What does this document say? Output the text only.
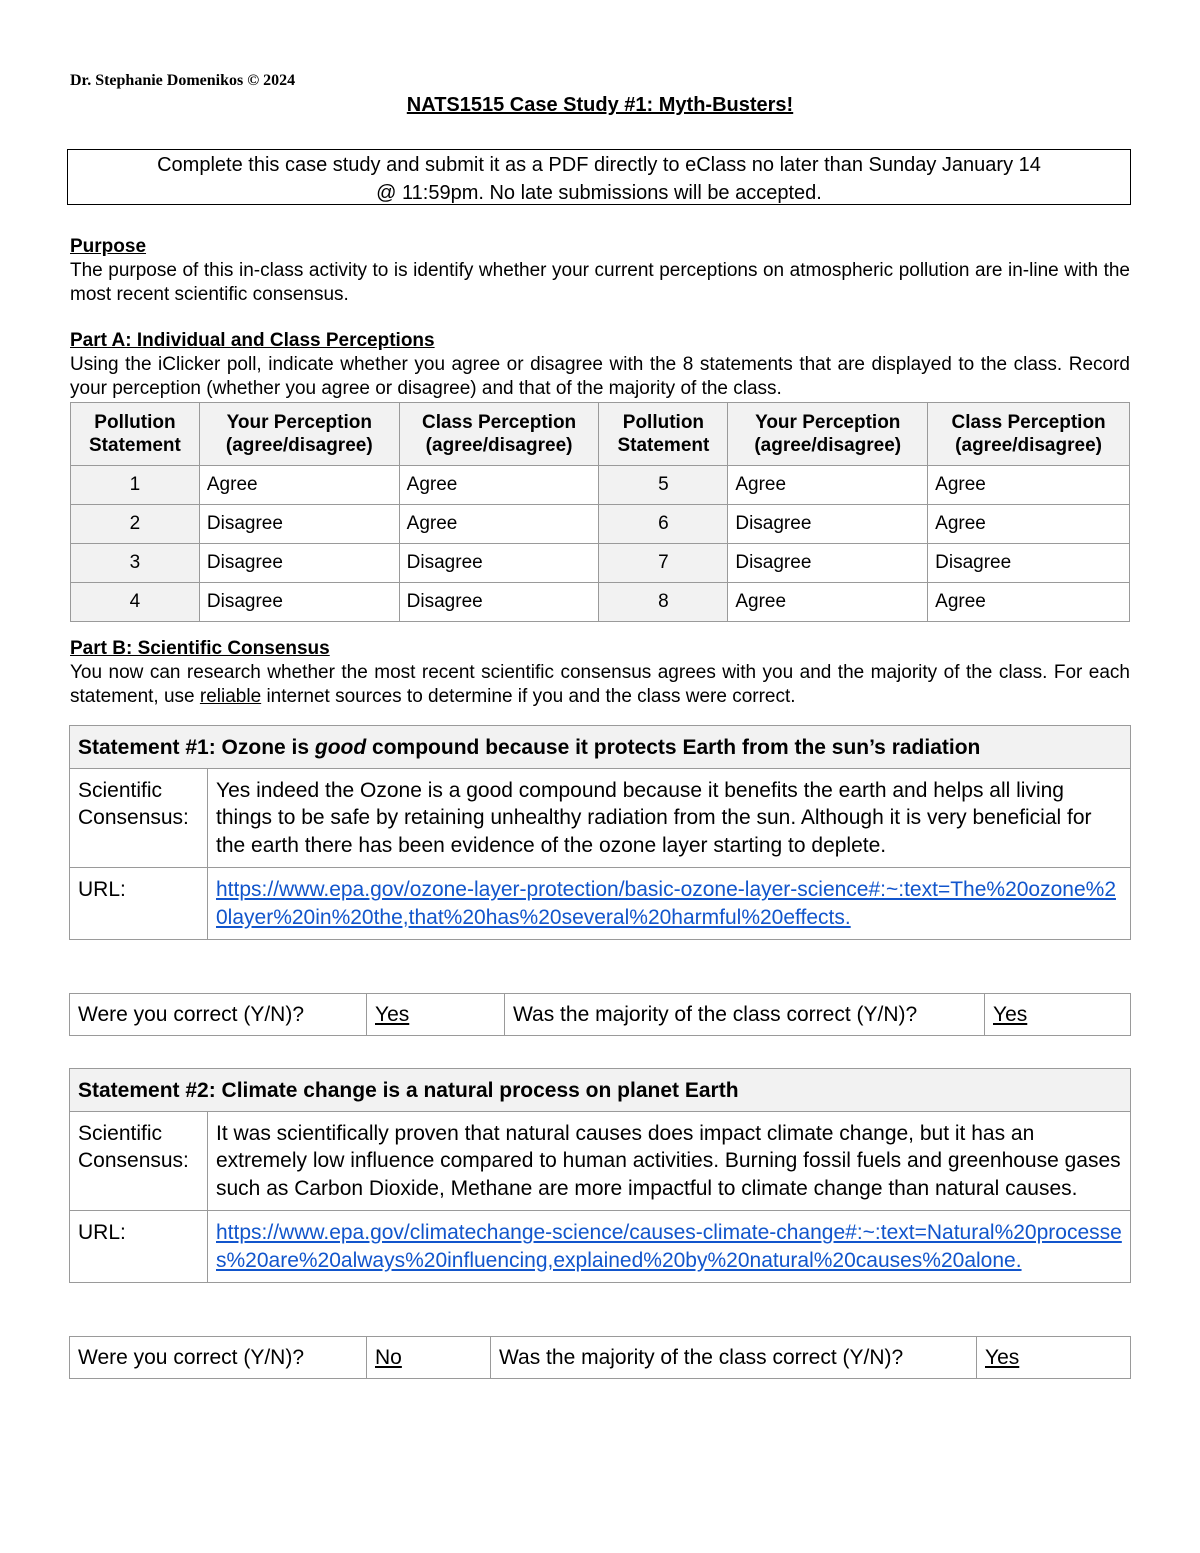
Dr. Stephanie Domenikos © 2024
NATS1515 Case Study #1: Myth-Busters!
Complete this case study and submit it as a PDF directly to eClass no later than Sunday January 14
@ 11:59pm. No late submissions will be accepted.
Purpose
The purpose of this in-class activity to is identify whether your current perceptions on atmospheric pollution are in-line with the most recent scientific consensus.
Part A: Individual and Class Perceptions
Using the iClicker poll, indicate whether you agree or disagree with the 8 statements that are displayed to the class. Record your perception (whether you agree or disagree) and that of the majority of the class.
Pollution Statement	Your Perception (agree/disagree)	Class Perception (agree/disagree)	Pollution Statement	Your Perception (agree/disagree)	Class Perception (agree/disagree)
1	Agree	Agree	5	Agree	Agree
2	Disagree	Agree	6	Disagree	Agree
3	Disagree	Disagree	7	Disagree	Disagree
4	Disagree	Disagree	8	Agree	Agree
Part B: Scientific Consensus
You now can research whether the most recent scientific consensus agrees with you and the majority of the class. For each statement, use reliable internet sources to determine if you and the class were correct.
Statement #1: Ozone is good compound because it protects Earth from the sun’s radiation	
Scientific Consensus:	Yes indeed the Ozone is a good compound because it benefits the earth and helps all living things to be safe by retaining unhealthy radiation from the sun. Although it is very beneficial for the earth there has been evidence of the ozone layer starting to deplete.
URL:	https://www.epa.gov/ozone-layer-protection/basic-ozone-layer-science#:~:text=The%20ozone%20layer%20in%20the,that%20has%20several%20harmful%20effects.
Were you correct (Y/N)?	Yes	Was the majority of the class correct (Y/N)?	Yes
Statement #2: Climate change is a natural process on planet Earth	
Scientific Consensus:	It was scientifically proven that natural causes does impact climate change, but it has an extremely low influence compared to human activities. Burning fossil fuels and greenhouse gases such as Carbon Dioxide, Methane are more impactful to climate change than natural causes.
URL:	https://www.epa.gov/climatechange-science/causes-climate-change#:~:text=Natural%20processes%20are%20always%20influencing,explained%20by%20natural%20causes%20alone.
Were you correct (Y/N)?	No	Was the majority of the class correct (Y/N)?	Yes
